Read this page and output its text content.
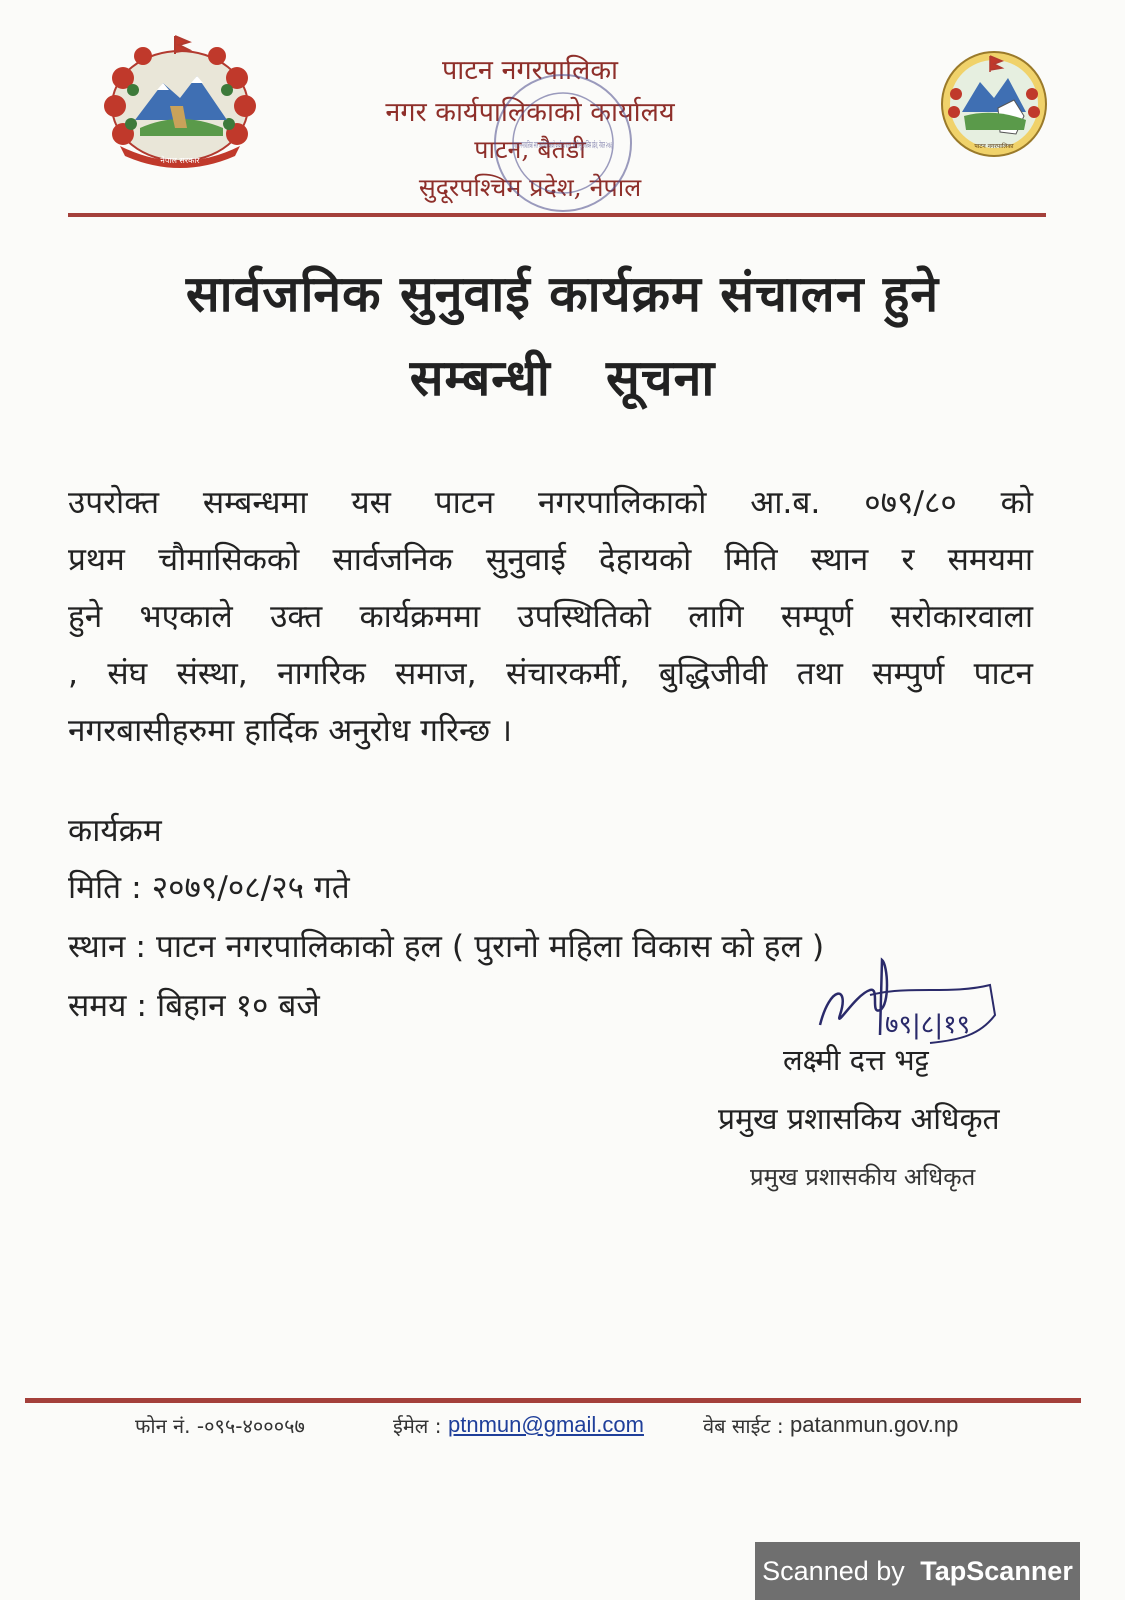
नेपाल सरकार
पाटन नगरपालिका
नगर कार्यपालिकाको कार्यालय
पाटन, बैतडी
सुदूरपश्चिम प्रदेश, नेपाल
पाटन नगरपालिका नगर कार्यपालिकाको कार्यालय पाटन, बैतडी सुदूरपश्चिम प्रदेश, नेपाल २०७३	पाटन नगरपालिका
सार्वजनिक सुनुवाई कार्यक्रम संचालन हुने
सम्बन्धी   सूचना
उपरोक्त सम्बन्धमा यस पाटन नगरपालिकाको आ.ब. ०७९/८० को
प्रथम चौमासिकको सार्वजनिक सुनुवाई देहायको मिति स्थान र समयमा
हुने भएकाले उक्त कार्यक्रममा उपस्थितिको लागि सम्पूर्ण सरोकारवाला
, संघ संस्था, नागरिक समाज, संचारकर्मी, बुद्धिजीवी तथा सम्पुर्ण पाटन
नगरबासीहरुमा हार्दिक अनुरोध गरिन्छ ।
कार्यक्रम
मिति : २०७९/०८/२५ गते
स्थान : पाटन नगरपालिकाको हल ( पुरानो महिला विकास को हल )
समय : बिहान १० बजे
७९|८|१९
लक्ष्मी दत्त भट्ट
प्रमुख प्रशासकिय अधिकृत
प्रमुख प्रशासकीय अधिकृत
फोन नं. -०९५-४०००५७	ईमेल : ptnmun@gmail.com	वेब साईट : patanmun.gov.np
Scanned by TapScanner
